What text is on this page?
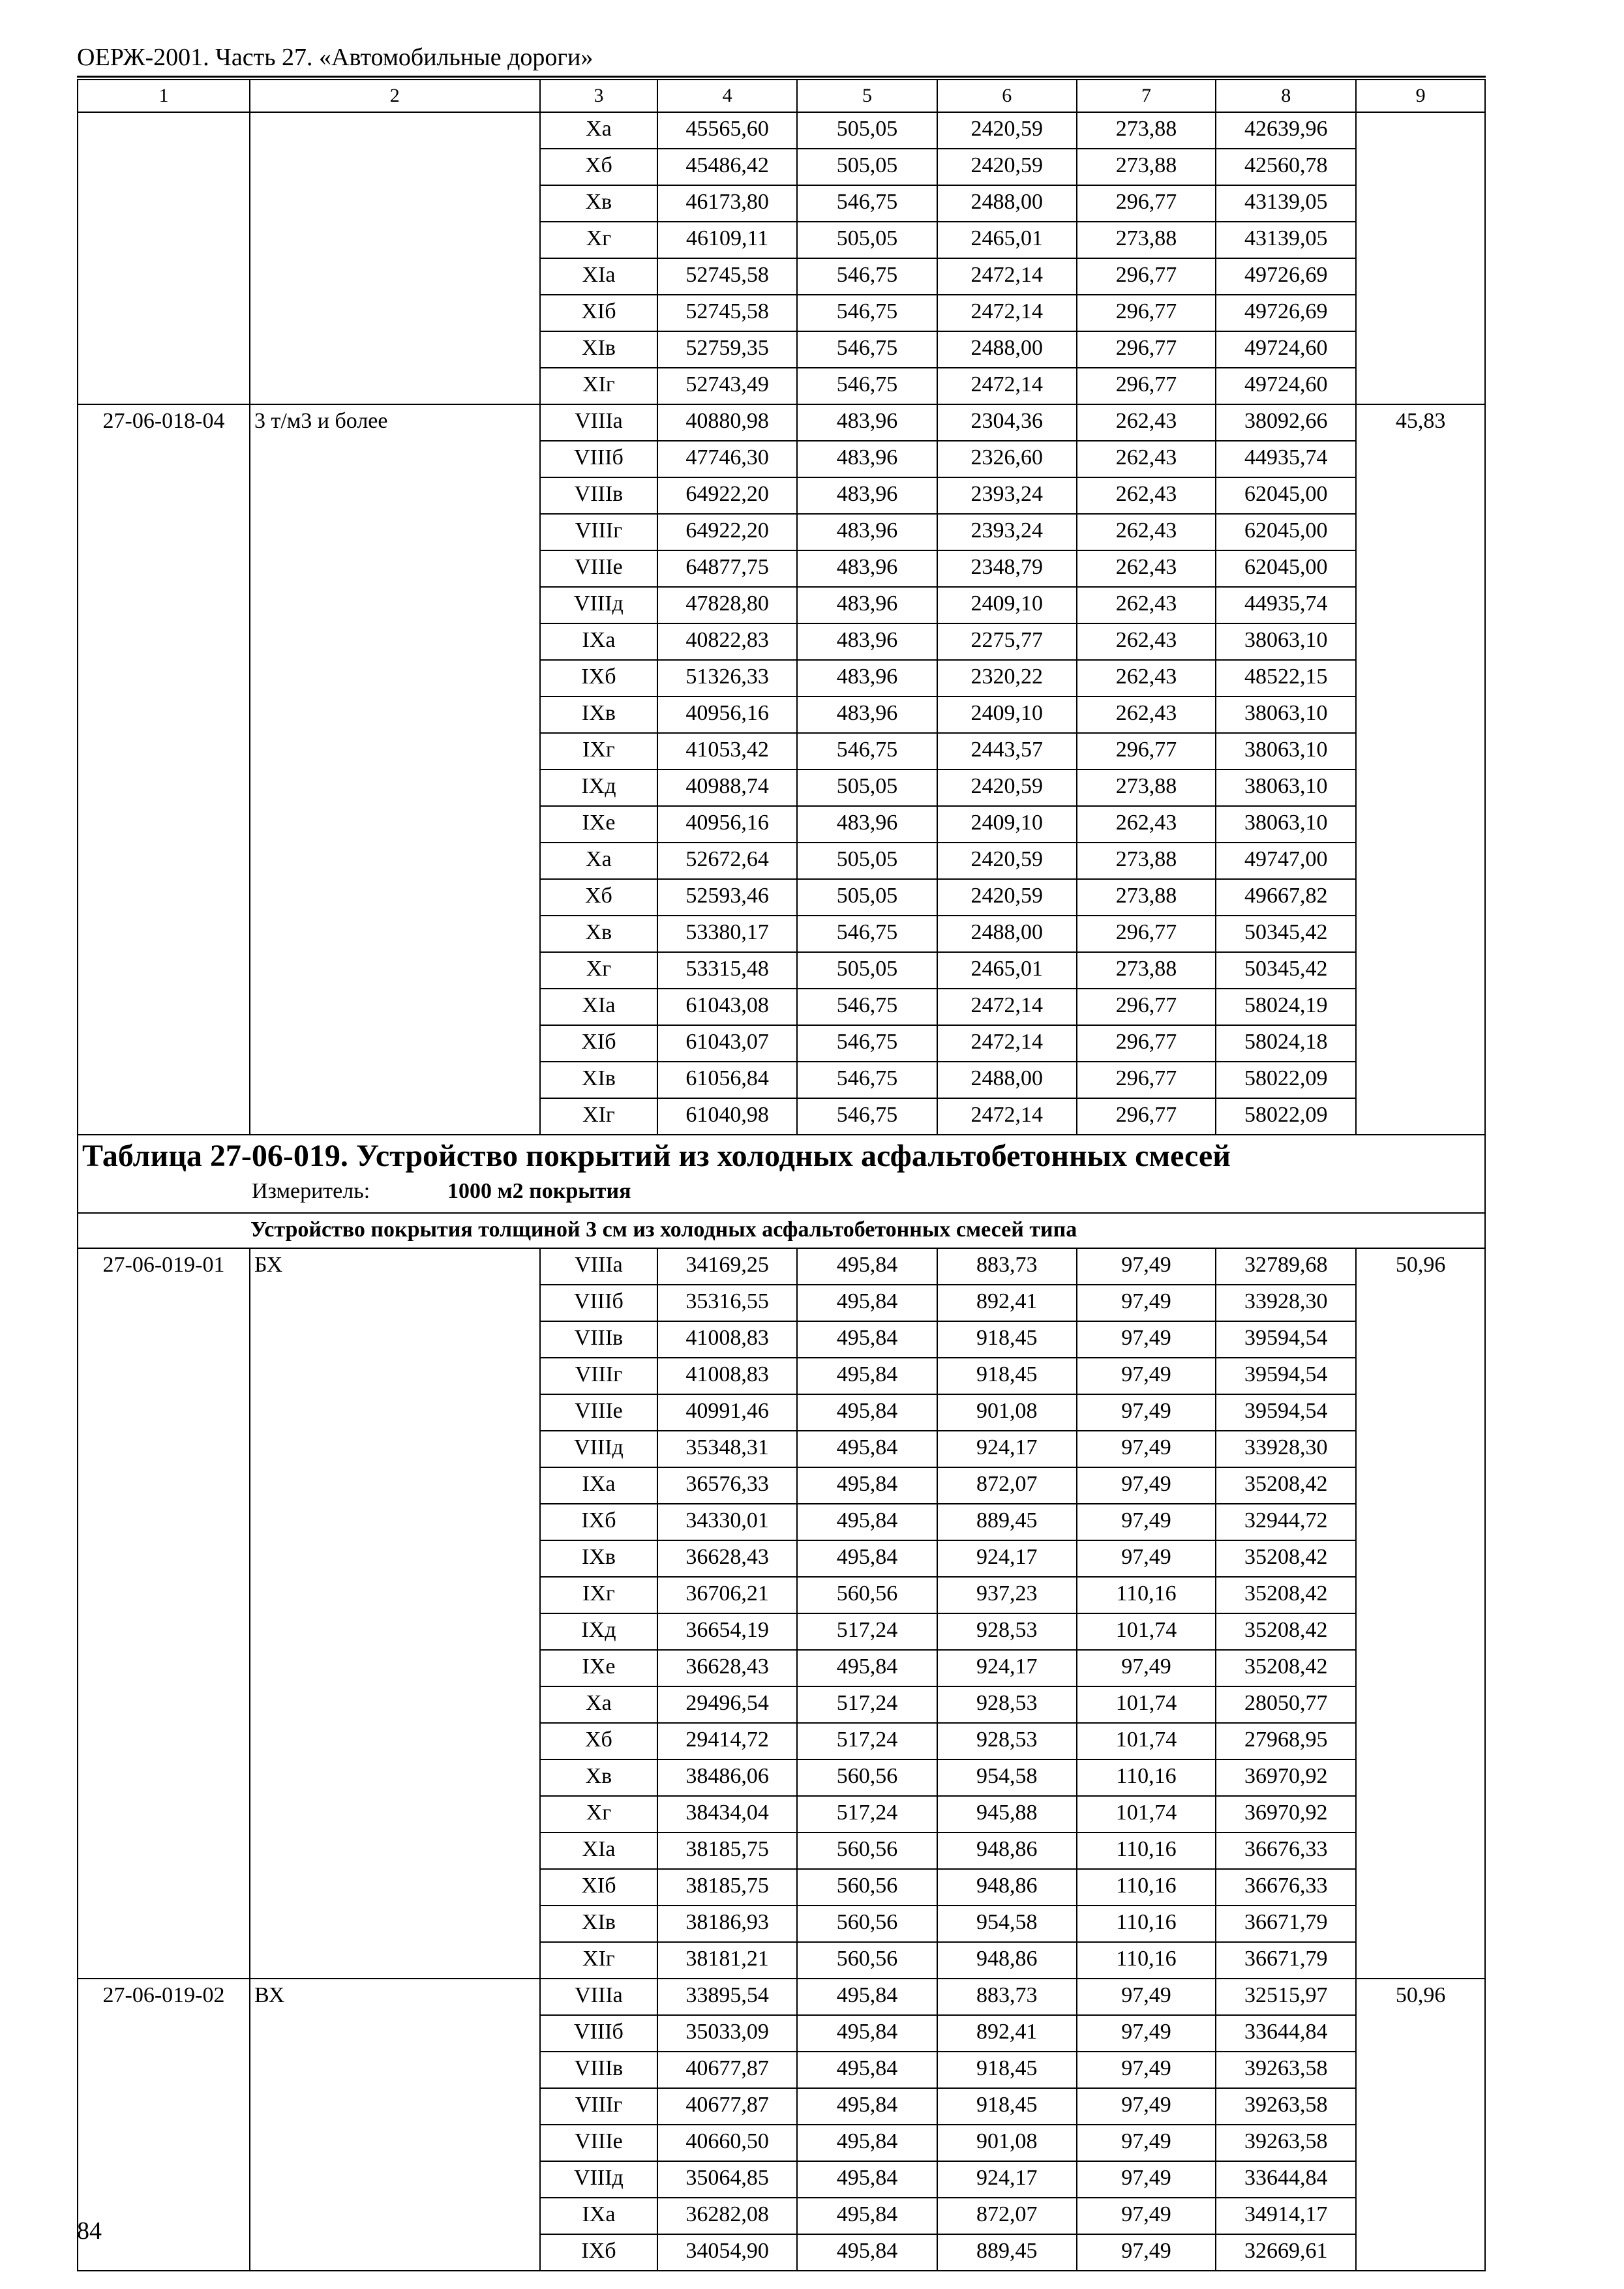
ОЕРЖ-2001. Часть 27. «Автомобильные дороги»
1	2	3	4	5	6	7	8	9
		Xа	45565,60	505,05	2420,59	273,88	42639,96	
		Xб	45486,42	505,05	2420,59	273,88	42560,78	
		Xв	46173,80	546,75	2488,00	296,77	43139,05	
		Xг	46109,11	505,05	2465,01	273,88	43139,05	
		XIа	52745,58	546,75	2472,14	296,77	49726,69	
		XIб	52745,58	546,75	2472,14	296,77	49726,69	
		XIв	52759,35	546,75	2488,00	296,77	49724,60	
		XIг	52743,49	546,75	2472,14	296,77	49724,60	
27-06-018-04	3 т/м3 и более	VIIIа	40880,98	483,96	2304,36	262,43	38092,66	45,83
		VIIIб	47746,30	483,96	2326,60	262,43	44935,74	
		VIIIв	64922,20	483,96	2393,24	262,43	62045,00	
		VIIIг	64922,20	483,96	2393,24	262,43	62045,00	
		VIIIе	64877,75	483,96	2348,79	262,43	62045,00	
		VIIIд	47828,80	483,96	2409,10	262,43	44935,74	
		IXа	40822,83	483,96	2275,77	262,43	38063,10	
		IXб	51326,33	483,96	2320,22	262,43	48522,15	
		IXв	40956,16	483,96	2409,10	262,43	38063,10	
		IXг	41053,42	546,75	2443,57	296,77	38063,10	
		IXд	40988,74	505,05	2420,59	273,88	38063,10	
		IXе	40956,16	483,96	2409,10	262,43	38063,10	
		Xа	52672,64	505,05	2420,59	273,88	49747,00	
		Xб	52593,46	505,05	2420,59	273,88	49667,82	
		Xв	53380,17	546,75	2488,00	296,77	50345,42	
		Xг	53315,48	505,05	2465,01	273,88	50345,42	
		XIа	61043,08	546,75	2472,14	296,77	58024,19	
		XIб	61043,07	546,75	2472,14	296,77	58024,18	
		XIв	61056,84	546,75	2488,00	296,77	58022,09	
		XIг	61040,98	546,75	2472,14	296,77	58022,09	

Таблица 27-06-019. Устройство покрытий из холодных асфальтобетонных смесей
Измеритель: 1000 м2 покрытия								

Устройство покрытия толщиной 3 см из холодных асфальтобетонных смесей типа								
27-06-019-01	БХ	VIIIа	34169,25	495,84	883,73	97,49	32789,68	50,96
		VIIIб	35316,55	495,84	892,41	97,49	33928,30	
		VIIIв	41008,83	495,84	918,45	97,49	39594,54	
		VIIIг	41008,83	495,84	918,45	97,49	39594,54	
		VIIIе	40991,46	495,84	901,08	97,49	39594,54	
		VIIIд	35348,31	495,84	924,17	97,49	33928,30	
		IXа	36576,33	495,84	872,07	97,49	35208,42	
		IXб	34330,01	495,84	889,45	97,49	32944,72	
		IXв	36628,43	495,84	924,17	97,49	35208,42	
		IXг	36706,21	560,56	937,23	110,16	35208,42	
		IXд	36654,19	517,24	928,53	101,74	35208,42	
		IXе	36628,43	495,84	924,17	97,49	35208,42	
		Xа	29496,54	517,24	928,53	101,74	28050,77	
		Xб	29414,72	517,24	928,53	101,74	27968,95	
		Xв	38486,06	560,56	954,58	110,16	36970,92	
		Xг	38434,04	517,24	945,88	101,74	36970,92	
		XIа	38185,75	560,56	948,86	110,16	36676,33	
		XIб	38185,75	560,56	948,86	110,16	36676,33	
		XIв	38186,93	560,56	954,58	110,16	36671,79	
		XIг	38181,21	560,56	948,86	110,16	36671,79	
27-06-019-02	ВХ	VIIIа	33895,54	495,84	883,73	97,49	32515,97	50,96
		VIIIб	35033,09	495,84	892,41	97,49	33644,84	
		VIIIв	40677,87	495,84	918,45	97,49	39263,58	
		VIIIг	40677,87	495,84	918,45	97,49	39263,58	
		VIIIе	40660,50	495,84	901,08	97,49	39263,58	
		VIIIд	35064,85	495,84	924,17	97,49	33644,84	
		IXа	36282,08	495,84	872,07	97,49	34914,17	
		IXб	34054,90	495,84	889,45	97,49	32669,61	
84
